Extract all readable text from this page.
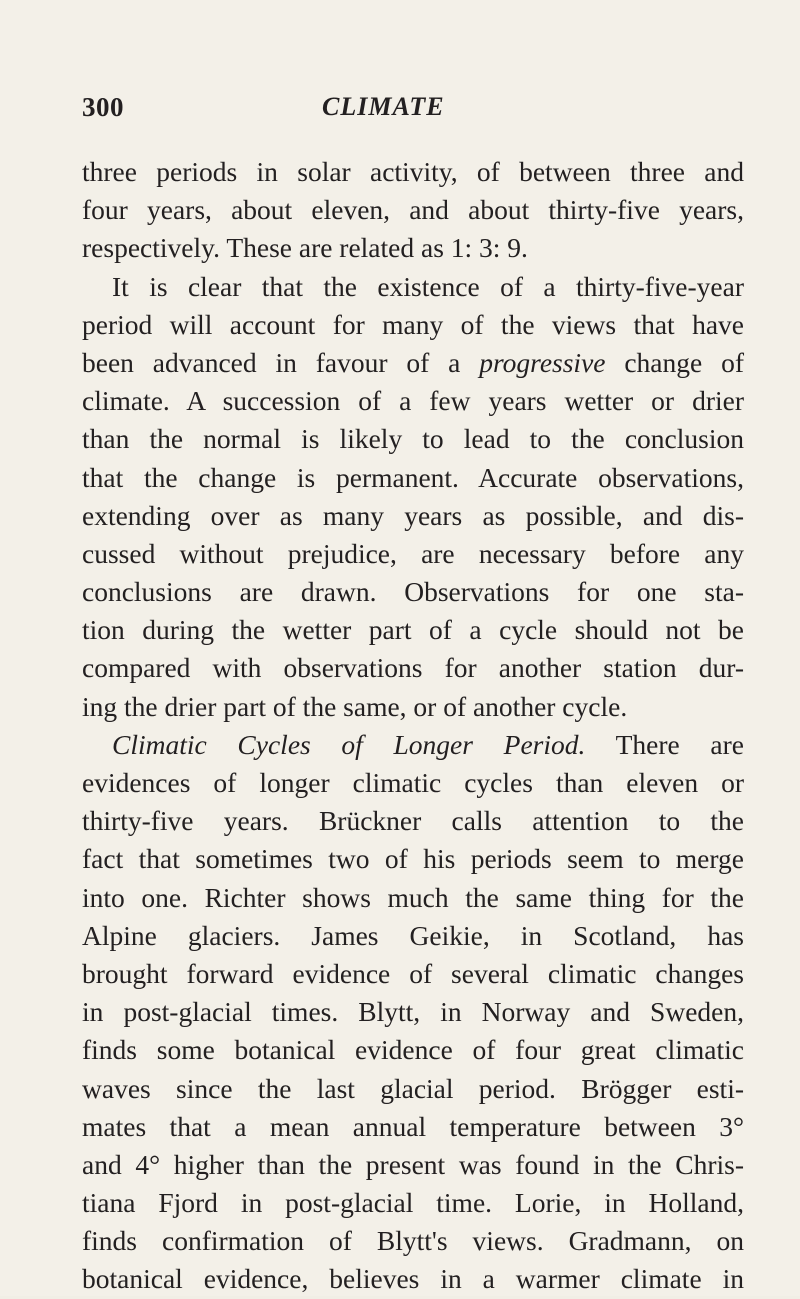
300	CLIMATE
three periods in solar activity, of between three and
four years, about eleven, and about thirty-five years,
respectively. These are related as 1: 3: 9.
It is clear that the existence of a thirty-five-year
period will account for many of the views that have
been advanced in favour of a progressive change of
climate. A succession of a few years wetter or drier
than the normal is likely to lead to the conclusion
that the change is permanent. Accurate observations,
extending over as many years as possible, and dis-
cussed without prejudice, are necessary before any
conclusions are drawn. Observations for one sta-
tion during the wetter part of a cycle should not be
compared with observations for another station dur-
ing the drier part of the same, or of another cycle.
Climatic Cycles of Longer Period. There are
evidences of longer climatic cycles than eleven or
thirty-five years. Brückner calls attention to the
fact that sometimes two of his periods seem to merge
into one. Richter shows much the same thing for the
Alpine glaciers. James Geikie, in Scotland, has
brought forward evidence of several climatic changes
in post-glacial times. Blytt, in Norway and Sweden,
finds some botanical evidence of four great climatic
waves since the last glacial period. Brögger esti-
mates that a mean annual temperature between 3°
and 4° higher than the present was found in the Chris-
tiana Fjord in post-glacial time. Lorie, in Holland,
finds confirmation of Blytt's views. Gradmann, on
botanical evidence, believes in a warmer climate in
